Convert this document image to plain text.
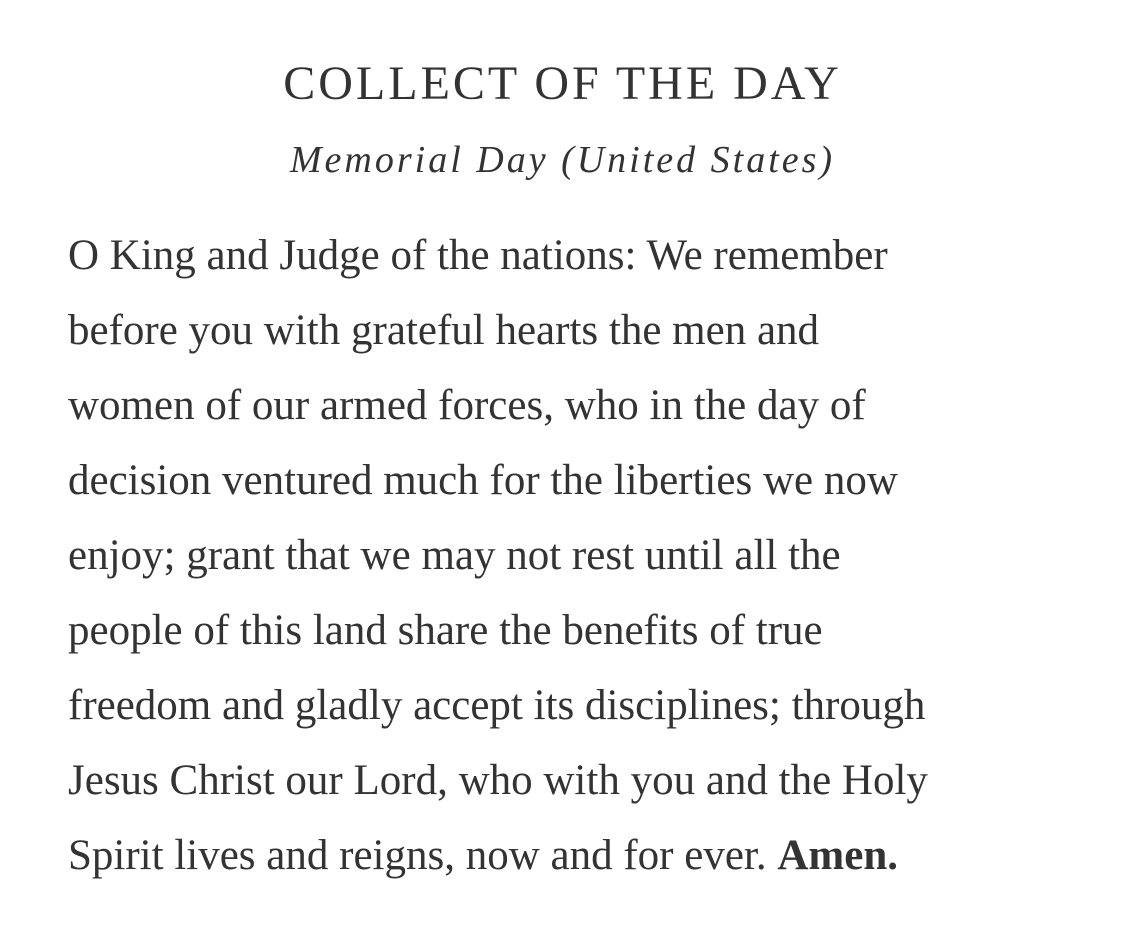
COLLECT OF THE DAY
Memorial Day (United States)
O King and Judge of the nations: We remember
before you with grateful hearts the men and
women of our armed forces, who in the day of
decision ventured much for the liberties we now
enjoy; grant that we may not rest until all the
people of this land share the benefits of true
freedom and gladly accept its disciplines; through
Jesus Christ our Lord, who with you and the Holy
Spirit lives and reigns, now and for ever. Amen.
